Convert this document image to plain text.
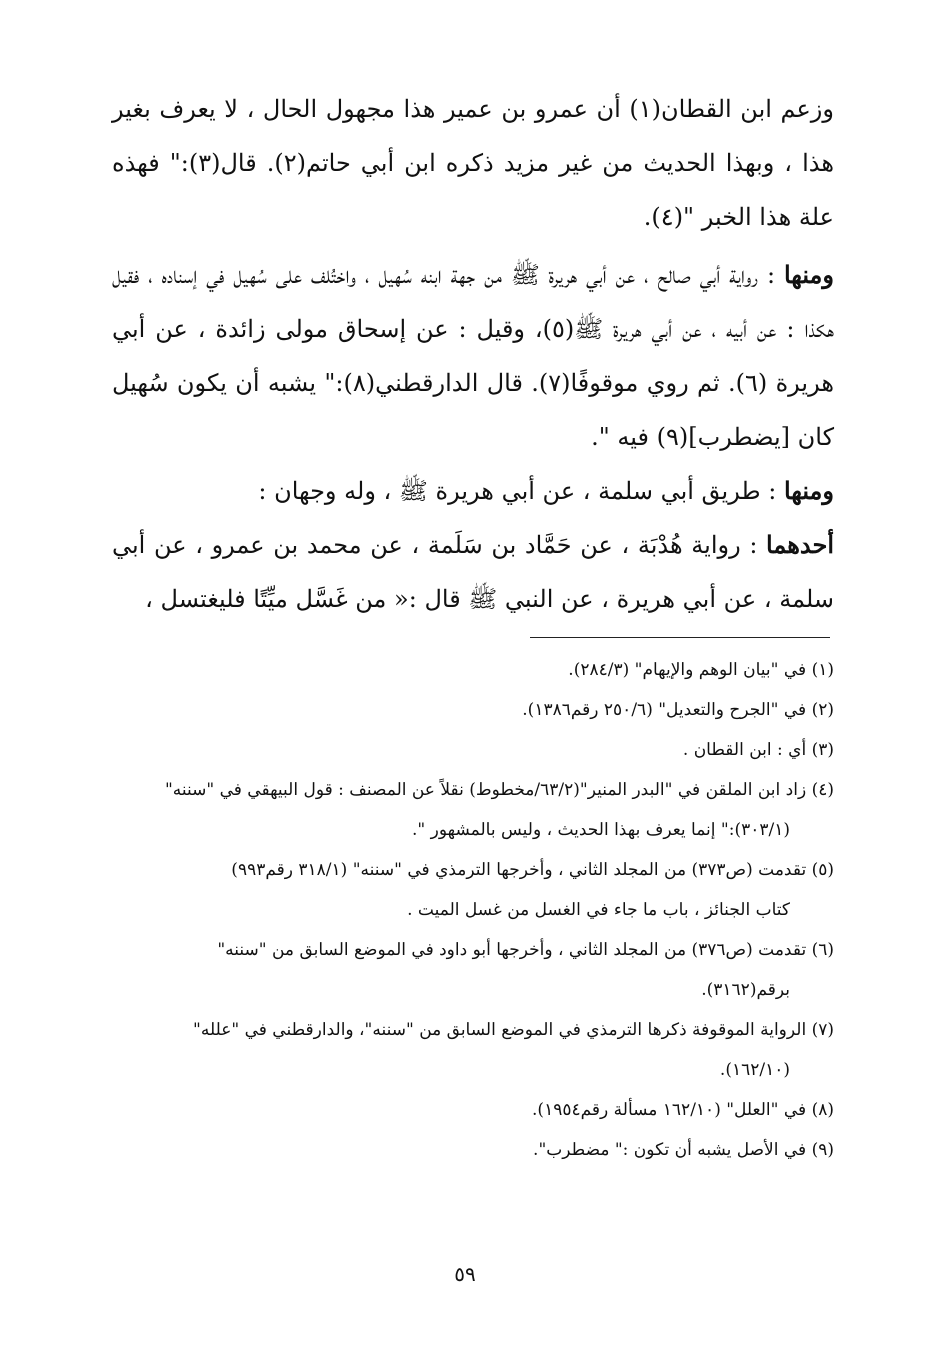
وزعم ابن القطان(١) أن عمرو بن عمير هذا مجهول الحال ، لا يعرف بغير هذا ، وبهذا الحديث من غير مزيد ذكره ابن أبي حاتم(٢). قال(٣):" فهذه علة هذا الخبر "(٤).

ومنها : رواية أبي صالح ، عن أبي هريرة ﷺ من جهة ابنه سُهيل ، واختُلف على سُهيل في إسناده ، فقيل هكذا : عن أبيه ، عن أبي هريرة ﷺ(٥)، وقيل : عن إسحاق مولى زائدة ، عن أبي هريرة (٦). ثم روي موقوفًا(٧). قال الدارقطني(٨):" يشبه أن يكون سُهيل كان [يضطرب](٩) فيه ".

ومنها : طريق أبي سلمة ، عن أبي هريرة ﷺ ، وله وجهان :

أحدهما : رواية هُدْبَة ، عن حَمَّاد بن سَلَمة ، عن محمد بن عمرو ، عن أبي سلمة ، عن أبي هريرة ، عن النبي ﷺ قال :« من غَسَّل ميِّتًا فليغتسل ،

(١) في "بيان الوهم والإيهام" (٢٨٤/٣).
(٢) في "الجرح والتعديل" (٢٥٠/٦ رقم١٣٨٦).
(٣) أي : ابن القطان .
(٤) زاد ابن الملقن في "البدر المنير"(٦٣/٢/مخطوط) نقلاً عن المصنف : قول البيهقي في "سننه"
(٣٠٣/١):" إنما يعرف بهذا الحديث ، وليس بالمشهور ".
(٥) تقدمت (ص٣٧٣) من المجلد الثاني ، وأخرجها الترمذي في "سننه" (٣١٨/١ رقم٩٩٣)
كتاب الجنائز ، باب ما جاء في الغسل من غسل الميت .
(٦) تقدمت (ص٣٧٦) من المجلد الثاني ، وأخرجها أبو داود في الموضع السابق من "سننه"
برقم(٣١٦٢).
(٧) الرواية الموقوفة ذكرها الترمذي في الموضع السابق من "سننه"، والدارقطني في "علله"
(١٦٢/١٠).
(٨) في "العلل" (١٦٢/١٠ مسألة رقم١٩٥٤).
(٩) في الأصل يشبه أن تكون :" مضطرب".
٥٩
